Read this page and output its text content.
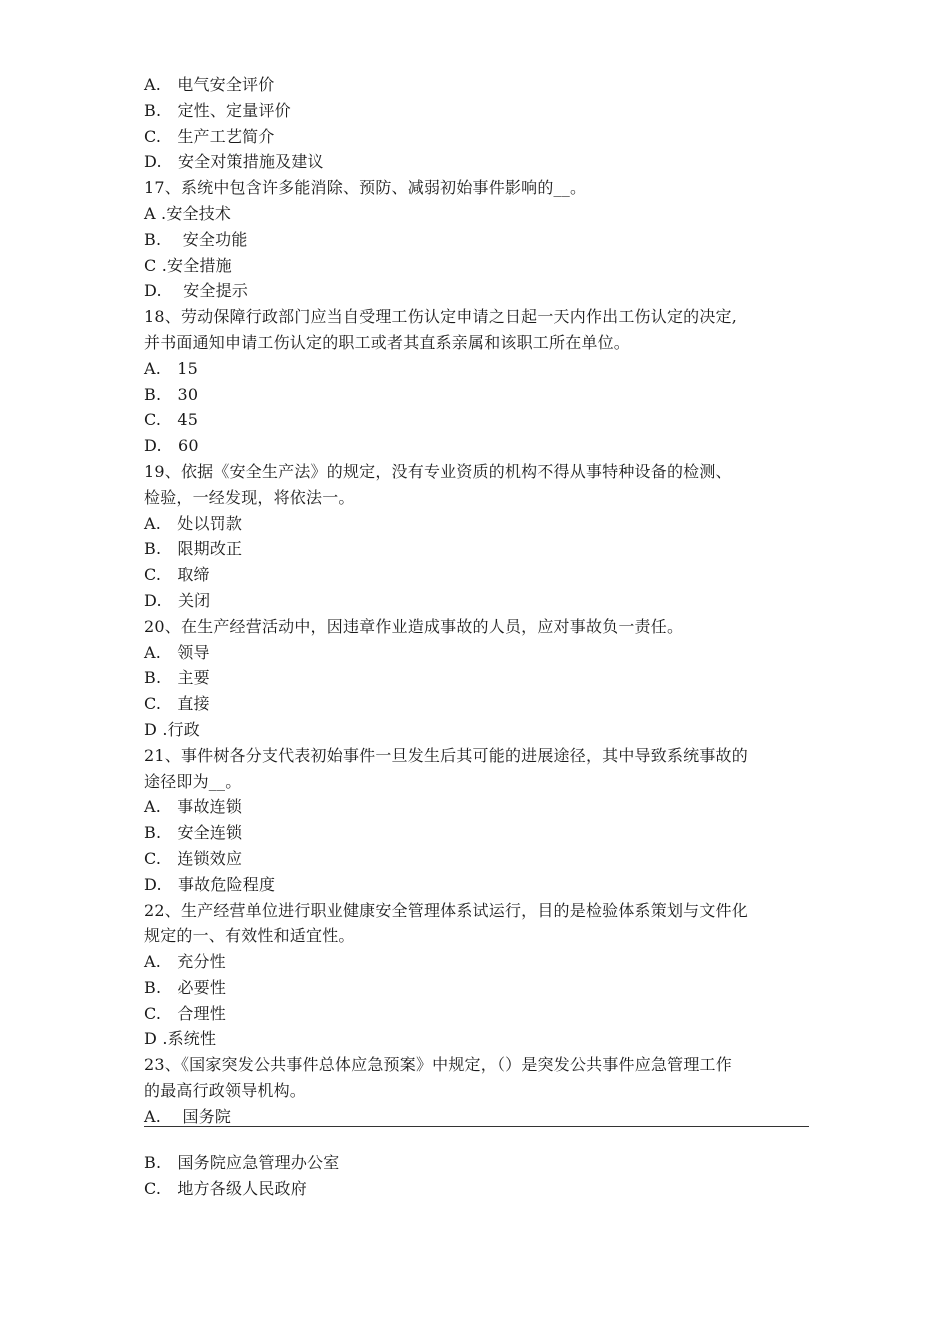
A.　电气安全评价
B.　定性、定量评价
C.　生产工艺简介
D.　安全对策措施及建议
17、系统中包含许多能消除、预防、减弱初始事件影响的__。
A .安全技术
B.　 安全功能
C .安全措施
D.　 安全提示
18、劳动保障行政部门应当自受理工伤认定申请之日起一天内作出工伤认定的决定,
并书面通知申请工伤认定的职工或者其直系亲属和该职工所在单位。
A.　15
B.　30
C.　45
D.　60
19、依据《安全生产法》的规定，没有专业资质的机构不得从事特种设备的检测、
检验，一经发现，将依法一。
A.　处以罚款
B.　限期改正
C.　取缔
D.　关闭
20、在生产经营活动中，因违章作业造成事故的人员，应对事故负一责任。
A.　领导
B.　主要
C.　直接
D .行政
21、事件树各分支代表初始事件一旦发生后其可能的进展途径，其中导致系统事故的
途径即为__。
A.　事故连锁
B.　安全连锁
C.　连锁效应
D.　事故危险程度
22、生产经营单位进行职业健康安全管理体系试运行，目的是检验体系策划与文件化
规定的一、有效性和适宜性。
A.　充分性
B.　必要性
C.　合理性
D .系统性
23、《国家突发公共事件总体应急预案》中规定，（）是突发公共事件应急管理工作
的最高行政领导机构。
A.　 国务院
B.　国务院应急管理办公室
C.　地方各级人民政府
